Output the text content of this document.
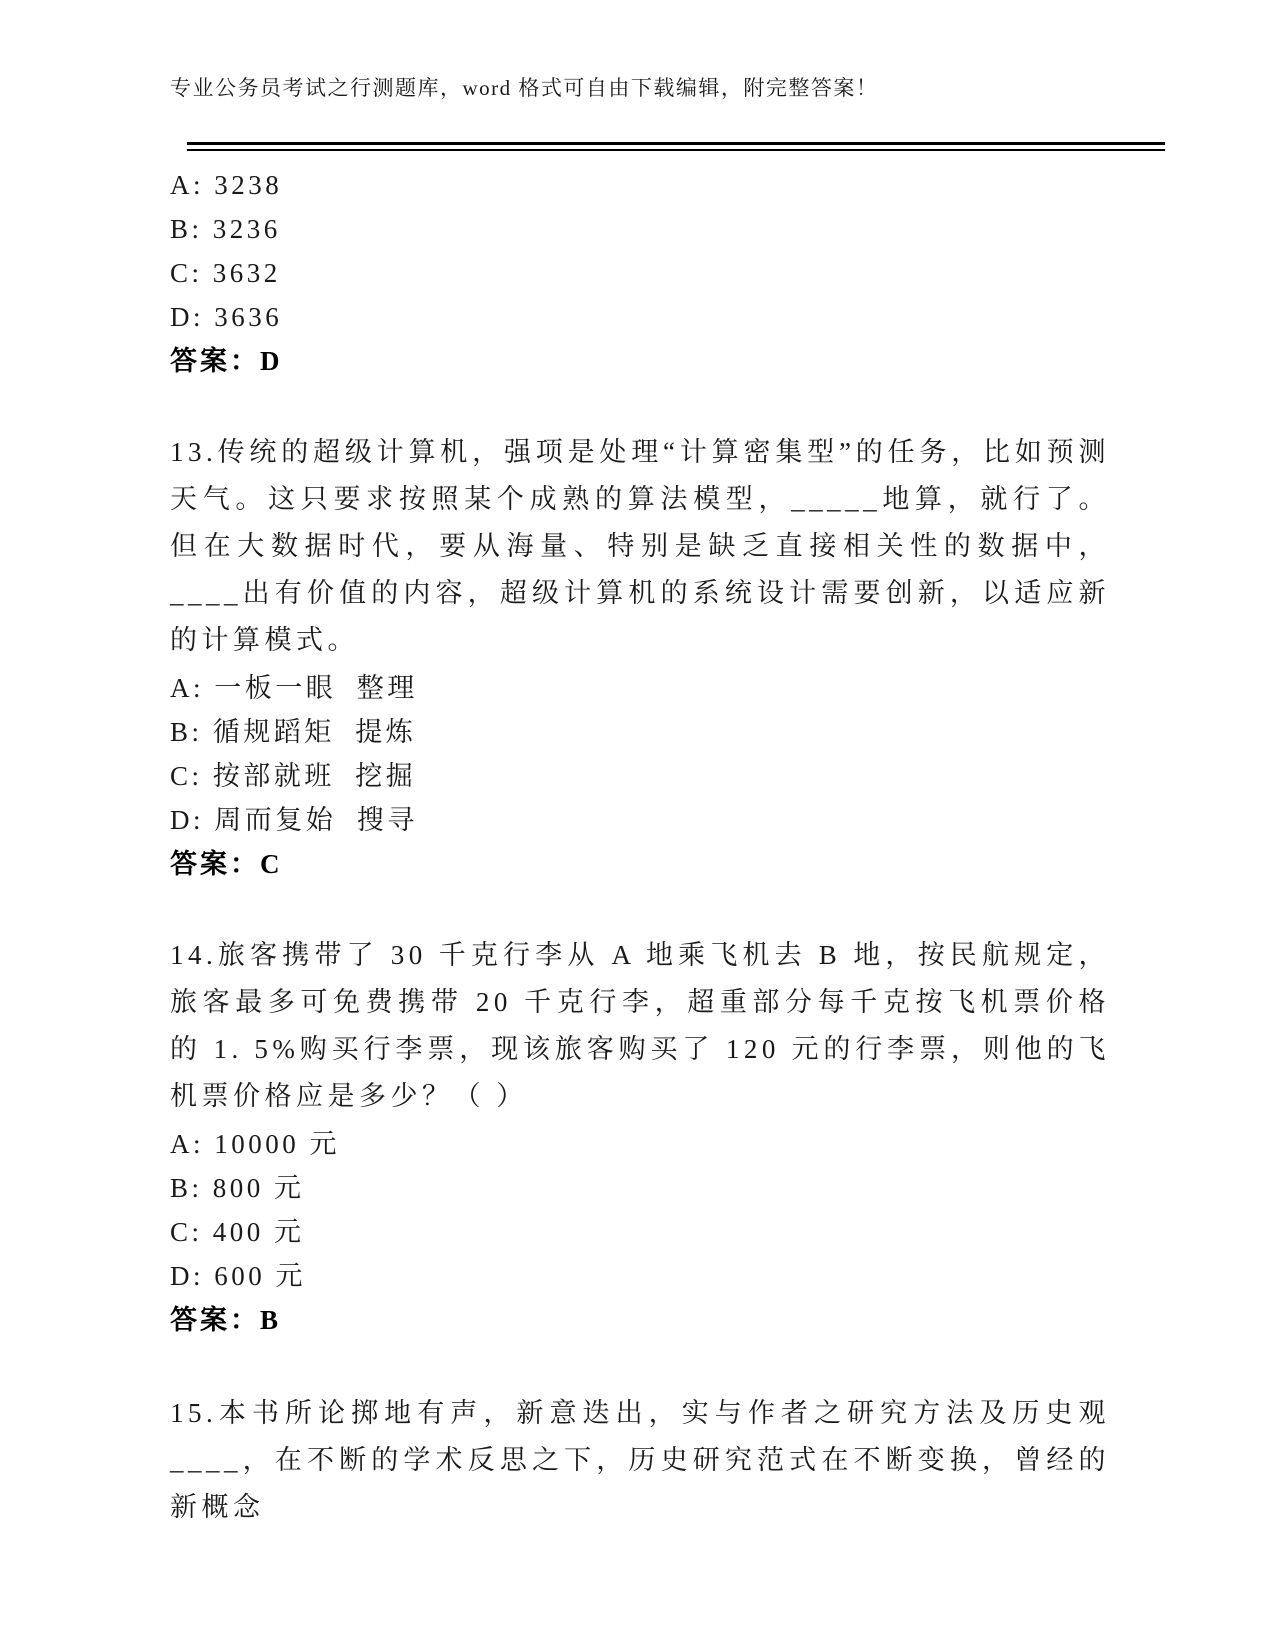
专业公务员考试之行测题库，word 格式可自由下载编辑，附完整答案！
A: 3238
B: 3236
C: 3632
D: 3636
答案：D

13.传统的超级计算机，强项是处理“计算密集型”的任务，比如预测天气。这只要求按照某个成熟的算法模型，_____地算，就行了。但在大数据时代，要从海量、特别是缺乏直接相关性的数据中，____出有价值的内容，超级计算机的系统设计需要创新，以适应新的计算模式。

A: 一板一眼  整理
B: 循规蹈矩  提炼
C: 按部就班  挖掘
D: 周而复始  搜寻
答案：C

14.旅客携带了 30 千克行李从 A 地乘飞机去 B 地，按民航规定，旅客最多可免费携带 20 千克行李，超重部分每千克按飞机票价格的 1. 5%购买行李票，现该旅客购买了 120 元的行李票，则他的飞机票价格应是多少？（ ）

A: 10000 元
B: 800 元
C: 400 元
D: 600 元
答案：B

15.本书所论掷地有声，新意迭出，实与作者之研究方法及历史观____，在不断的学术反思之下，历史研究范式在不断变换，曾经的新概念
